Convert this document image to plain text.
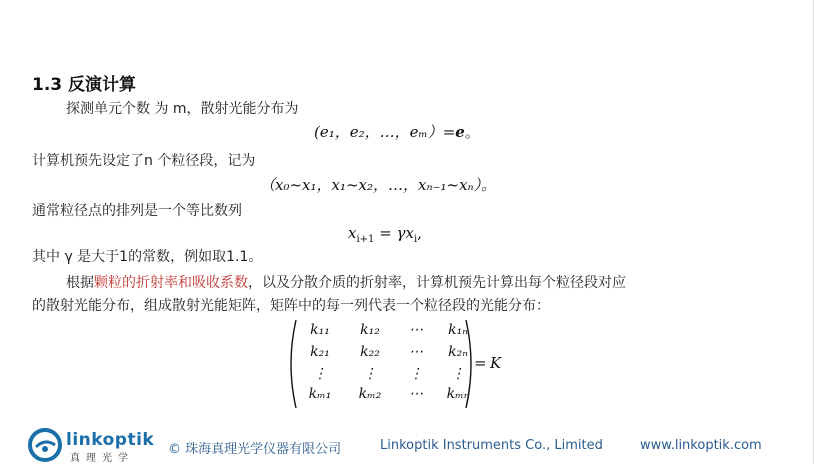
1.3 反演计算
探测单元个数 为 m，散射光能分布为
(e₁，e₂，…，eₘ）=e。
计算机预先设定了n 个粒径段，记为
（x₀~x₁，x₁~x₂，…，xₙ₋₁~xₙ）。
通常粒径点的排列是一个等比数列
$x_{i+1} = \gamma x_i$,
其中 γ 是大于1的常数，例如取1.1。
根据颗粒的折射率和吸收系数，以及分散介质的折射率，计算机预先计算出每个粒径段对应
的散射光能分布，组成散射光能矩阵，矩阵中的每一列代表一个粒径段的光能分布：
k₁₁	k₁₂	⋯	k₁ₙ
k₂₁	k₂₂	⋯	k₂ₙ
⋮	⋮	⋮	⋮
kₘ₁	kₘ₂	⋯	kₘₙ
= K
linkoptik
真理光学
© 珠海真理光学仪器有限公司	Linkoptik Instruments Co., Limited	www.linkoptik.com
